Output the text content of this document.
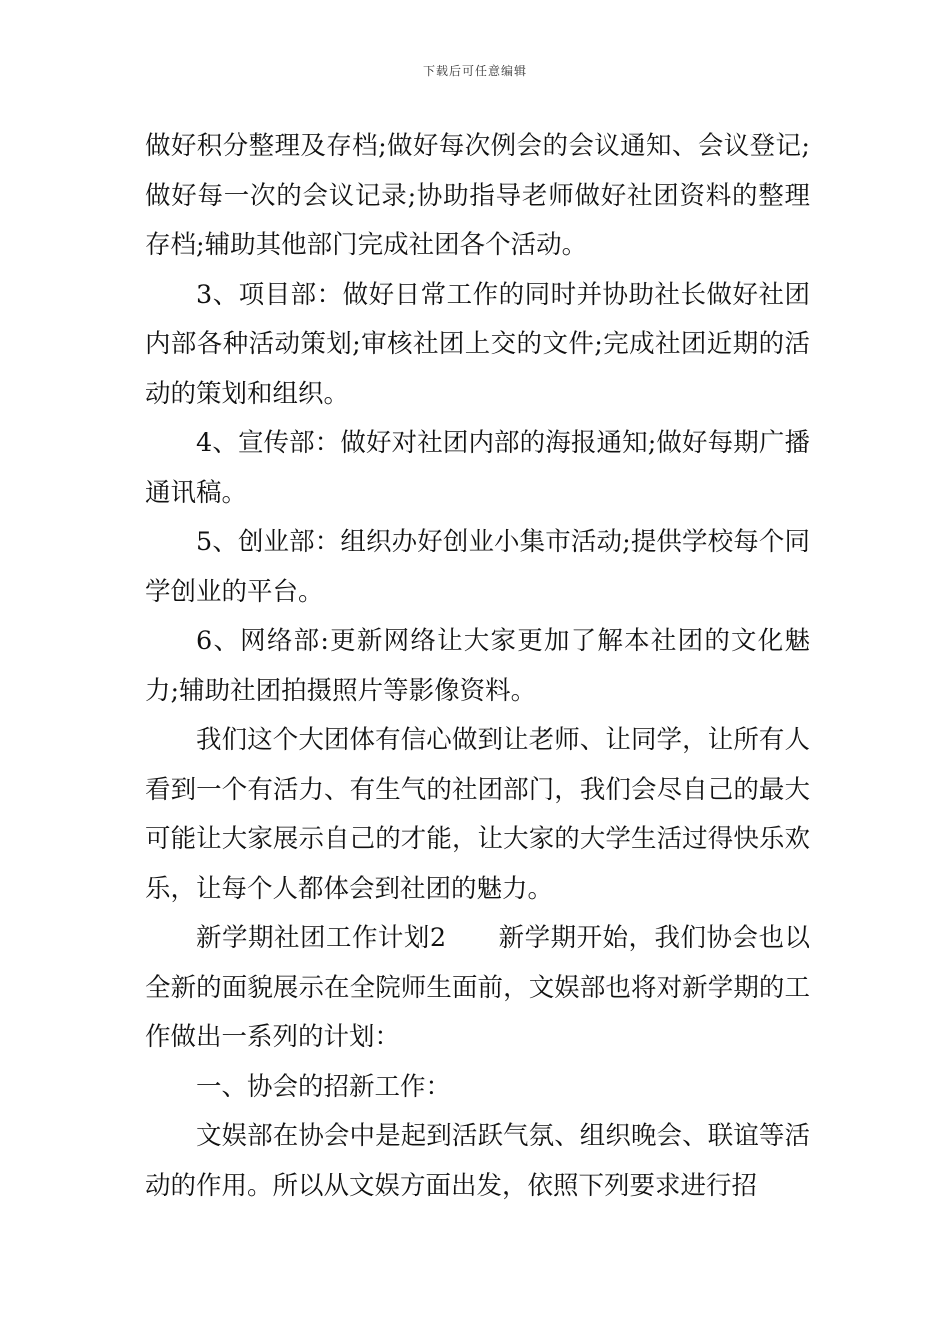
下载后可任意编辑

做好积分整理及存档;做好每次例会的会议通知、会议登记;做好每一次的会议记录;协助指导老师做好社团资料的整理存档;辅助其他部门完成社团各个活动。

3、项目部：做好日常工作的同时并协助社长做好社团内部各种活动策划;审核社团上交的文件;完成社团近期的活动的策划和组织。

4、宣传部：做好对社团内部的海报通知;做好每期广播通讯稿。

5、创业部：组织办好创业小集市活动;提供学校每个同学创业的平台。

6、网络部:更新网络让大家更加了解本社团的文化魅力;辅助社团拍摄照片等影像资料。

我们这个大团体有信心做到让老师、让同学，让所有人看到一个有活力、有生气的社团部门，我们会尽自己的最大可能让大家展示自己的才能，让大家的大学生活过得快乐欢乐，让每个人都体会到社团的魅力。

新学期社团工作计划2　　新学期开始，我们协会也以全新的面貌展示在全院师生面前，文娱部也将对新学期的工作做出一系列的计划：

一、协会的招新工作：

文娱部在协会中是起到活跃气氛、组织晚会、联谊等活动的作用。所以从文娱方面出发，依照下列要求进行招
